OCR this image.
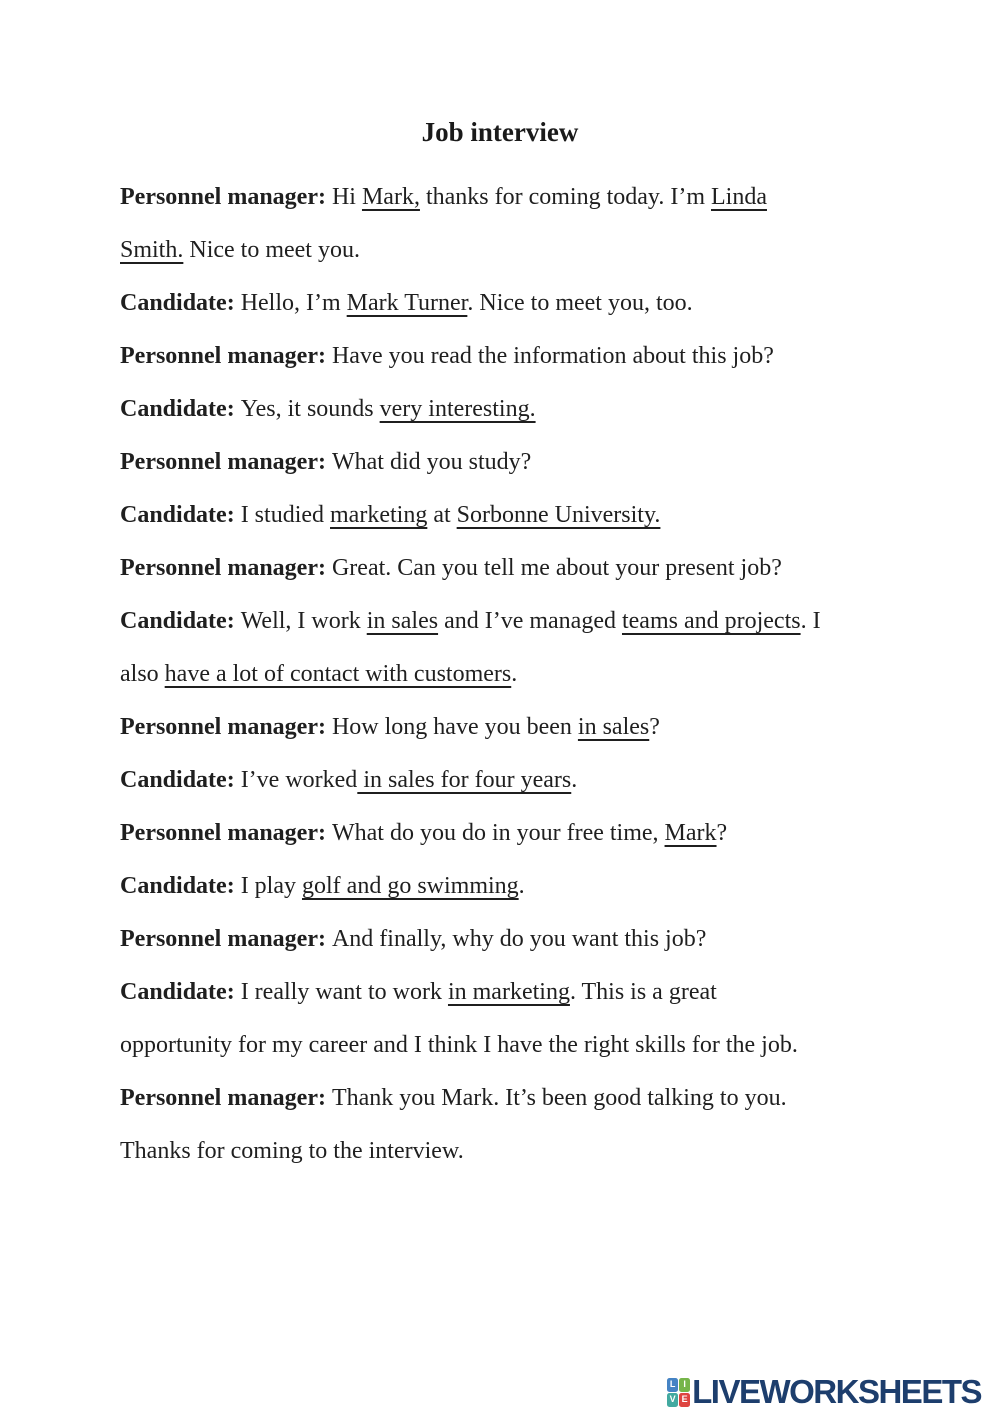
Job interview
Personnel manager: Hi Mark, thanks for coming today. I’m Linda
Smith. Nice to meet you.
Candidate: Hello, I’m Mark Turner. Nice to meet you, too.
Personnel manager: Have you read the information about this job?
Candidate: Yes, it sounds very interesting.
Personnel manager: What did you study?
Candidate: I studied marketing at Sorbonne University.
Personnel manager: Great. Can you tell me about your present job?
Candidate: Well, I work in sales and I’ve managed teams and projects. I
also have a lot of contact with customers.
Personnel manager: How long have you been in sales?
Candidate: I’ve worked in sales for four years.
Personnel manager: What do you do in your free time, Mark?
Candidate: I play golf and go swimming.
Personnel manager: And finally, why do you want this job?
Candidate: I really want to work in marketing. This is a great
opportunity for my career and I think I have the right skills for the job.
Personnel manager: Thank you Mark. It’s been good talking to you.
Thanks for coming to the interview.
L I
V E LIVEWORKSHEETS
